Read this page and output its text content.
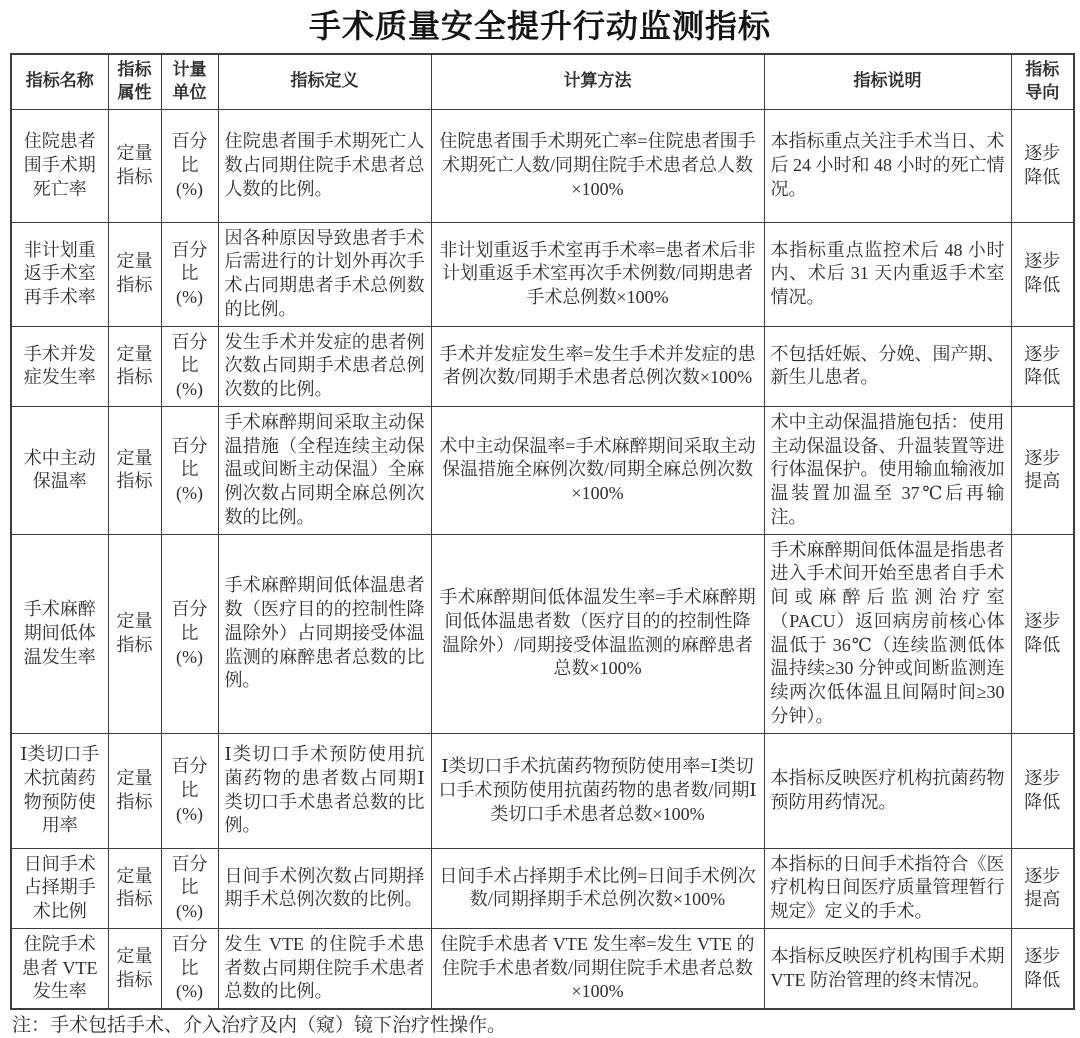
手术质量安全提升行动监测指标
指标名称	指标属性	计量单位	指标定义	计算方法	指标说明	指标导向
住院患者围手术期死亡率	定量指标	百分比(%)	住院患者围手术期死亡人数占同期住院手术患者总人数的比例。	住院患者围手术期死亡率=住院患者围手术期死亡人数/同期住院手术患者总人数×100%	本指标重点关注手术当日、术后 24 小时和 48 小时的死亡情况。	逐步降低
非计划重返手术室再手术率	定量指标	百分比(%)	因各种原因导致患者手术后需进行的计划外再次手术占同期患者手术总例数的比例。	非计划重返手术室再手术率=患者术后非计划重返手术室再次手术例数/同期患者手术总例数×100%	本指标重点监控术后 48 小时内、术后 31 天内重返手术室情况。	逐步降低
手术并发症发生率	定量指标	百分比(%)	发生手术并发症的患者例次数占同期手术患者总例次数的比例。	手术并发症发生率=发生手术并发症的患者例次数/同期手术患者总例次数×100%	不包括妊娠、分娩、围产期、新生儿患者。	逐步降低
术中主动保温率	定量指标	百分比(%)	手术麻醉期间采取主动保温措施（全程连续主动保温或间断主动保温）全麻例次数占同期全麻总例次数的比例。	术中主动保温率=手术麻醉期间采取主动保温措施全麻例次数/同期全麻总例次数×100%	术中主动保温措施包括：使用主动保温设备、升温装置等进行体温保护。使用输血输液加温装置加温至 37℃后再输注。	逐步提高
手术麻醉期间低体温发生率	定量指标	百分比(%)	手术麻醉期间低体温患者数（医疗目的的控制性降温除外）占同期接受体温监测的麻醉患者总数的比例。	手术麻醉期间低体温发生率=手术麻醉期间低体温患者数（医疗目的的控制性降温除外）/同期接受体温监测的麻醉患者总数×100%	手术麻醉期间低体温是指患者进入手术间开始至患者自手术间或麻醉后监测治疗室（PACU）返回病房前核心体温低于 36℃（连续监测低体温持续≥30 分钟或间断监测连续两次低体温且间隔时间≥30 分钟）。	逐步降低
Ⅰ类切口手术抗菌药物预防使用率	定量指标	百分比(%)	Ⅰ类切口手术预防使用抗菌药物的患者数占同期Ⅰ类切口手术患者总数的比例。	Ⅰ类切口手术抗菌药物预防使用率=Ⅰ类切口手术预防使用抗菌药物的患者数/同期Ⅰ类切口手术患者总数×100%	本指标反映医疗机构抗菌药物预防用药情况。	逐步降低
日间手术占择期手术比例	定量指标	百分比(%)	日间手术例次数占同期择期手术总例次数的比例。	日间手术占择期手术比例=日间手术例次数/同期择期手术总例次数×100%	本指标的日间手术指符合《医疗机构日间医疗质量管理暂行规定》定义的手术。	逐步提高
住院手术患者 VTE 发生率	定量指标	百分比(%)	发生 VTE 的住院手术患者数占同期住院手术患者总数的比例。	住院手术患者 VTE 发生率=发生 VTE 的住院手术患者数/同期住院手术患者总数×100%	本指标反映医疗机构围手术期 VTE 防治管理的终末情况。	逐步降低
注：手术包括手术、介入治疗及内（窥）镜下治疗性操作。
